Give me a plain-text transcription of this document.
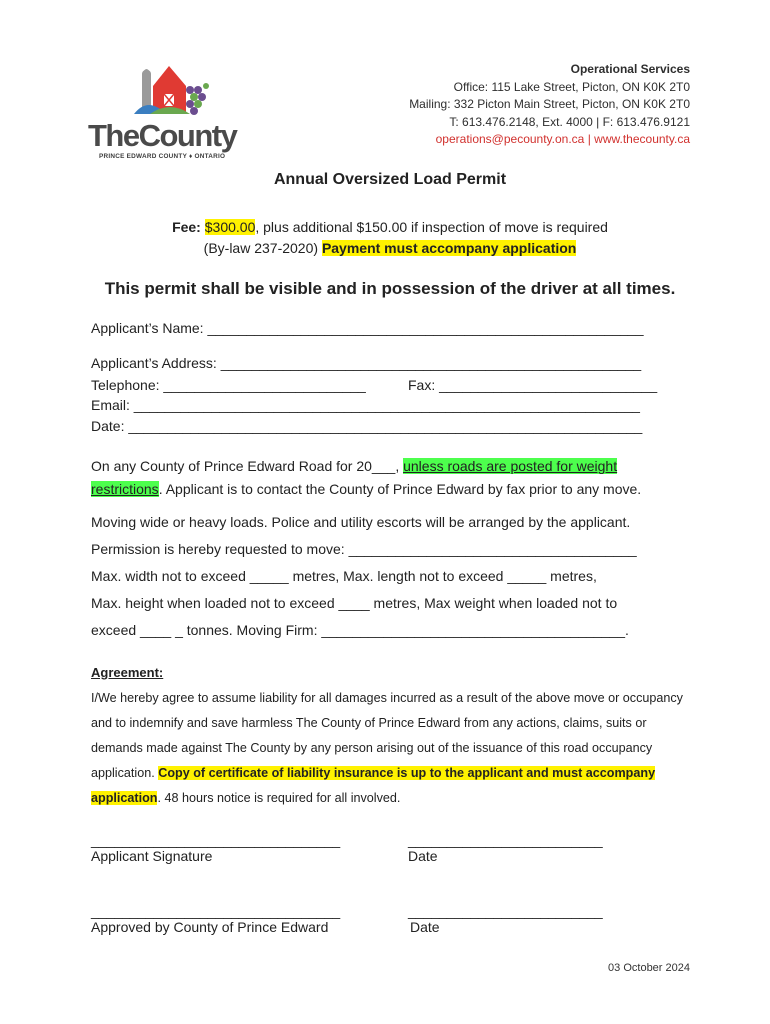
TheCounty
PRINCE EDWARD COUNTY ♦ ONTARIO
Operational Services
Office: 115 Lake Street, Picton, ON K0K 2T0
Mailing: 332 Picton Main Street, Picton, ON K0K 2T0
T: 613.476.2148, Ext. 4000 | F: 613.476.9121
operations@pecounty.on.ca | www.thecounty.ca
Annual Oversized Load Permit
Fee: $300.00, plus additional $150.00 if inspection of move is required
(By-law 237-2020) Payment must accompany application
This permit shall be visible and in possession of the driver at all times.
Applicant’s Name: ________________________________________________________
Applicant’s Address: ______________________________________________________
Telephone: __________________________	Fax: ____________________________
Email: _________________________________________________________________
Date: __________________________________________________________________
On any County of Prince Edward Road for 20___, unless roads are posted for weight restrictions. Applicant is to contact the County of Prince Edward by fax prior to any move.
Moving wide or heavy loads. Police and utility escorts will be arranged by the applicant.
Permission is hereby requested to move: _____________________________________
Max. width not to exceed _____ metres, Max. length not to exceed _____ metres,
Max. height when loaded not to exceed ____ metres, Max weight when loaded not to
exceed ____ _ tonnes. Moving Firm: _______________________________________.
Agreement:
I/We hereby agree to assume liability for all damages incurred as a result of the above move or occupancy and to indemnify and save harmless The County of Prince Edward from any actions, claims, suits or demands made against The County by any person arising out of the issuance of this road occupancy application. Copy of certificate of liability insurance is up to the applicant and must accompany application. 48 hours notice is required for all involved.
________________________________	_________________________
Applicant Signature	Date
________________________________	_________________________
Approved by County of Prince Edward	Date
03 October 2024
